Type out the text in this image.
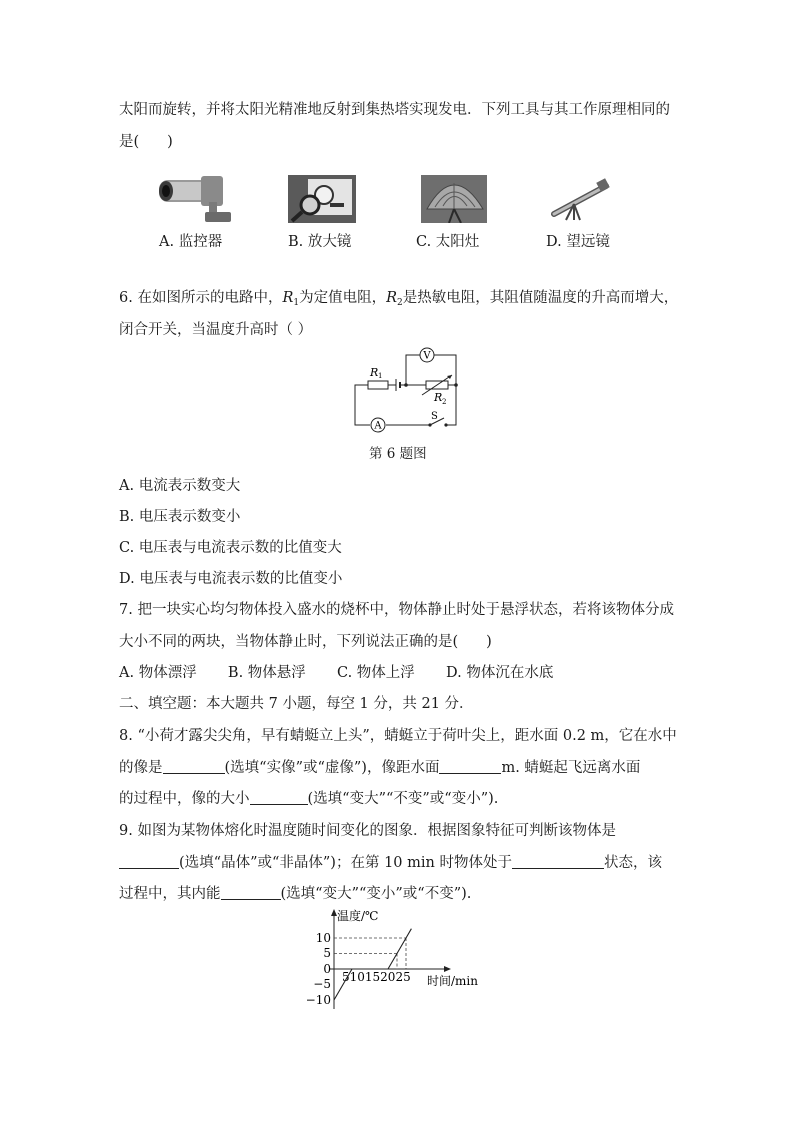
太阳而旋转，并将太阳光精准地反射到集热塔实现发电．下列工具与其工作原理相同的
是( )
A. 监控器	B. 放大镜	C. 太阳灶	D. 望远镜
6. 在如图所示的电路中，$R_1$为定值电阻，$R_2$是热敏电阻，其阻值随温度的升高而增大，
闭合开关，当温度升高时（ ）
V
A
R 1
R 2
S
第 6 题图
A. 电流表示数变大
B. 电压表示数变小
C. 电压表与电流表示数的比值变大
D. 电压表与电流表示数的比值变小
7. 把一块实心均匀物体投入盛水的烧杯中，物体静止时处于悬浮状态，若将该物体分成
大小不同的两块，当物体静止时，下列说法正确的是( )
A. 物体漂浮 B. 物体悬浮 C. 物体上浮 D. 物体沉在水底
二、填空题：本大题共 7 小题，每空 1 分，共 21 分．
8. “小荷才露尖尖角，早有蜻蜓立上头”，蜻蜓立于荷叶尖上，距水面 0.2 m，它在水中
的像是	(选填“实像”或“虚像”)，像距水面	m. 蜻蜓起飞远离水面
的过程中，像的大小	(选填“变大”“不变”或“变小”).
9. 如图为某物体熔化时温度随时间变化的图象．根据图象特征可判断该物体是
(选填“晶体”或“非晶体”)；在第 10 min 时物体处于	状态，该
过程中，其内能	(选填“变大”“变小”或“不变”).
温度/℃
时间/min
10
5
0
−5
−10
510152025
